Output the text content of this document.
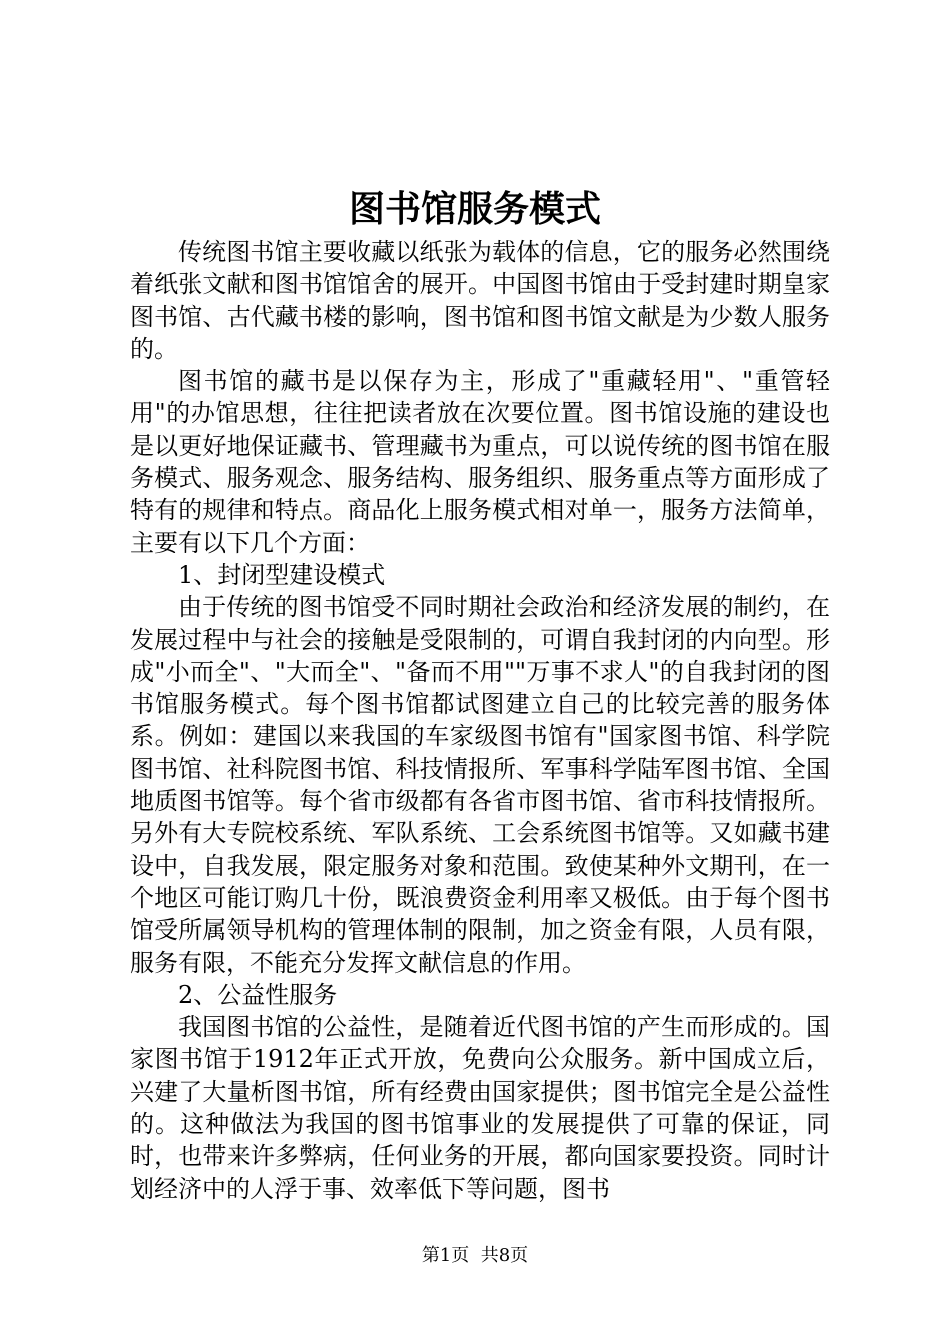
图书馆服务模式

传统图书馆主要收藏以纸张为载体的信息，它的服务必然围绕着纸张文献和图书馆馆舍的展开。中国图书馆由于受封建时期皇家图书馆、古代藏书楼的影响，图书馆和图书馆文献是为少数人服务的。

图书馆的藏书是以保存为主，形成了"重藏轻用"、"重管轻用"的办馆思想，往往把读者放在次要位置。图书馆设施的建设也是以更好地保证藏书、管理藏书为重点，可以说传统的图书馆在服务模式、服务观念、服务结构、服务组织、服务重点等方面形成了特有的规律和特点。商品化上服务模式相对单一，服务方法简单，主要有以下几个方面：

1、封闭型建设模式

由于传统的图书馆受不同时期社会政治和经济发展的制约，在发展过程中与社会的接触是受限制的，可谓自我封闭的内向型。形成"小而全"、"大而全"、"备而不用""万事不求人"的自我封闭的图书馆服务模式。每个图书馆都试图建立自己的比较完善的服务体系。例如：建国以来我国的车家级图书馆有"国家图书馆、科学院图书馆、社科院图书馆、科技情报所、军事科学陆军图书馆、全国地质图书馆等。每个省市级都有各省市图书馆、省市科技情报所。另外有大专院校系统、军队系统、工会系统图书馆等。又如藏书建设中，自我发展，限定服务对象和范围。致使某种外文期刊，在一个地区可能订购几十份，既浪费资金利用率又极低。由于每个图书馆受所属领导机构的管理体制的限制，加之资金有限，人员有限，服务有限，不能充分发挥文献信息的作用。

2、公益性服务

我国图书馆的公益性，是随着近代图书馆的产生而形成的。国家图书馆于1912年正式开放，免费向公众服务。新中国成立后，兴建了大量析图书馆，所有经费由国家提供；图书馆完全是公益性的。这种做法为我国的图书馆事业的发展提供了可靠的保证，同时，也带来许多弊病，任何业务的开展，都向国家要投资。同时计划经济中的人浮于事、效率低下等问题，图书

第1页  共8页
